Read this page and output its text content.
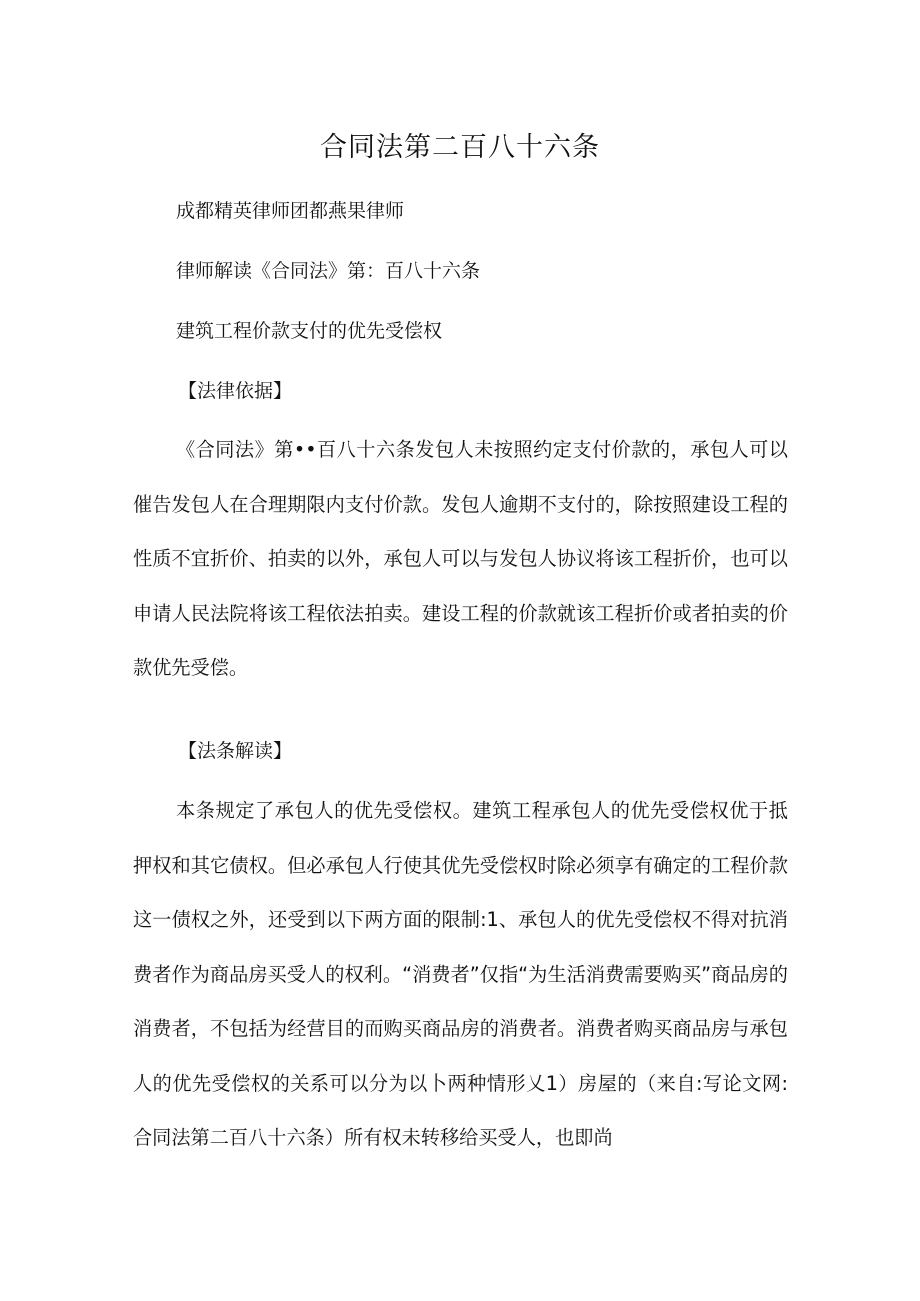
合同法第二百八十六条
成都精英律师团都燕果律师
律师解读《合同法》第：百八十六条
建筑工程价款支付的优先受偿权
【法律依据】
《合同法》第••百八十六条发包人未按照约定支付价款的，承包人可以催告发包人在合理期限内支付价款。发包人逾期不支付的，除按照建设工程的性质不宜折价、拍卖的以外，承包人可以与发包人协议将该工程折价，也可以申请人民法院将该工程依法拍卖。建设工程的价款就该工程折价或者拍卖的价款优先受偿。
【法条解读】
本条规定了承包人的优先受偿权。建筑工程承包人的优先受偿权优于抵押权和其它债权。但必承包人行使其优先受偿权时除必须享有确定的工程价款这一债权之外，还受到以下两方面的限制:1、承包人的优先受偿权不得对抗消费者作为商品房买受人的权利。“消费者”仅指“为生活消费需要购买”商品房的消费者，不包括为经营目的而购买商品房的消费者。消费者购买商品房与承包人的优先受偿权的关系可以分为以卜两种情形乂1）房屋的（来自:写论文网:合同法第二百八十六条）所有权未转移给买受人，也即尚
